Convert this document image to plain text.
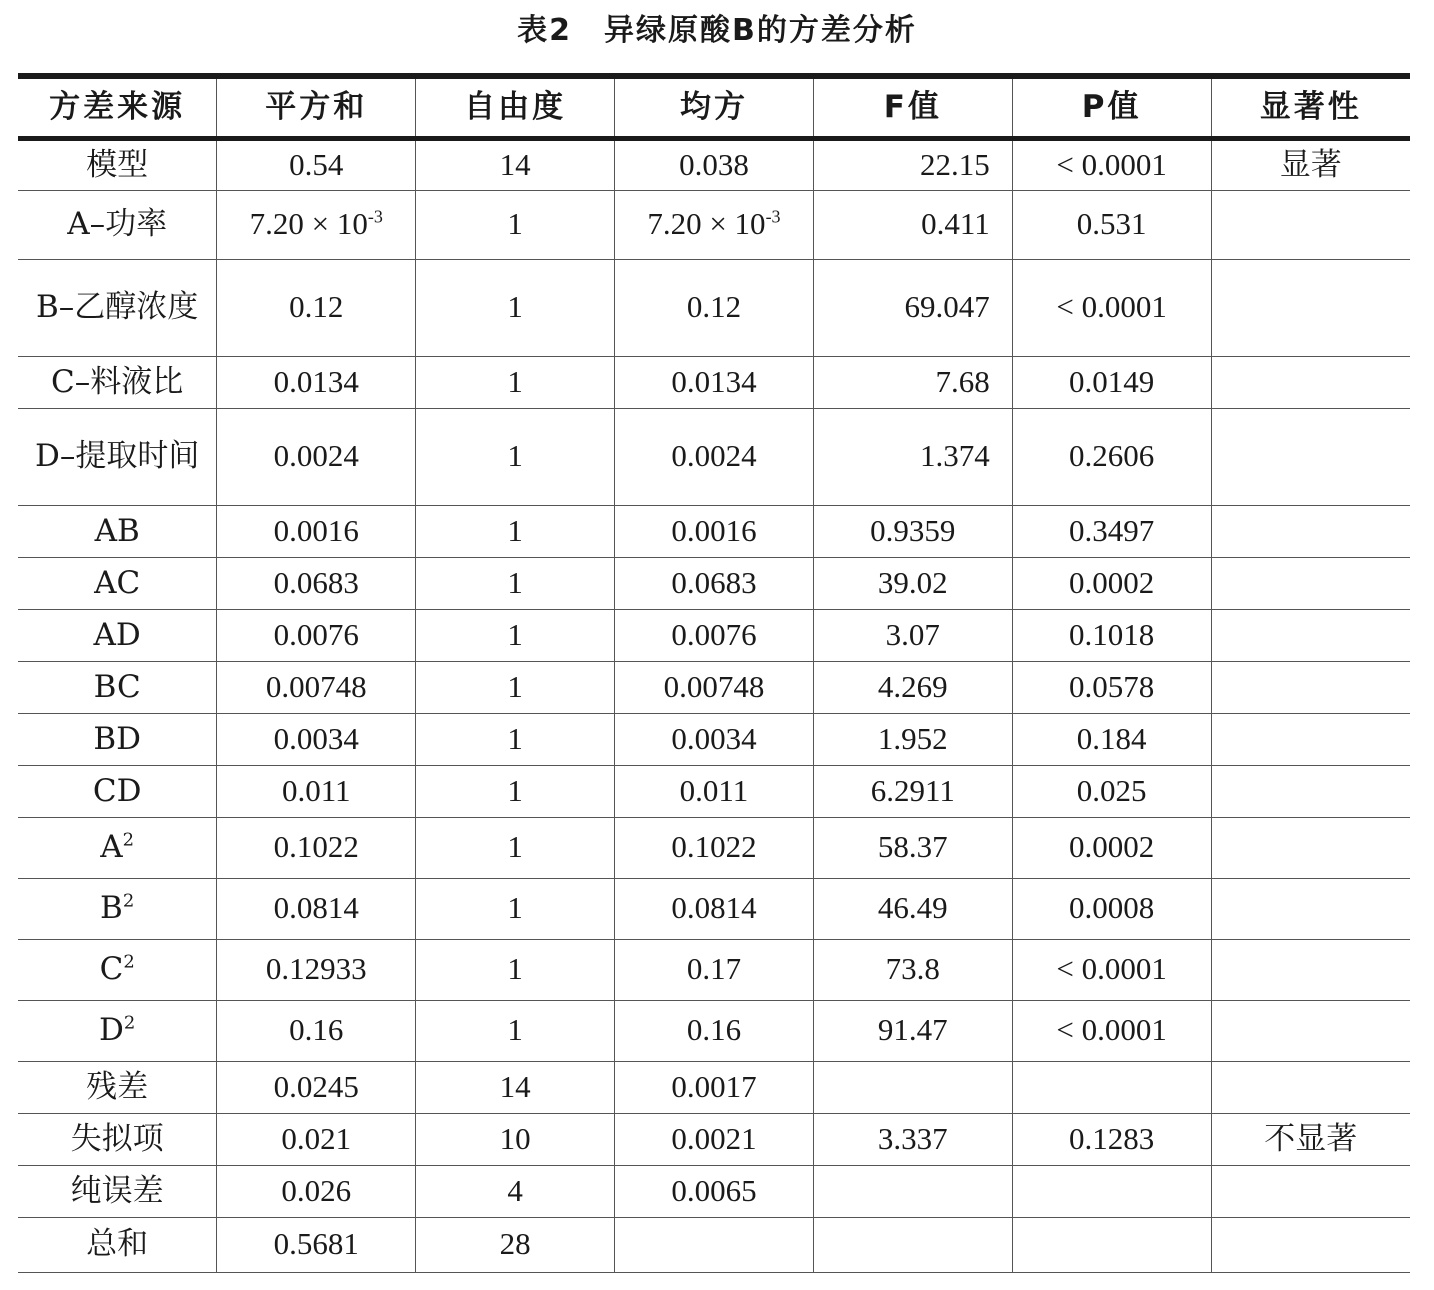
表2　异绿原酸B的方差分析
方差来源	平方和	自由度	均方	F值	P值	显著性
模型	0.54	14	0.038	22.15	< 0.0001	显著
A–功率	$7.20 \times 10^{-3}$	1	$7.20 \times 10^{-3}$	0.411	0.531	
B–乙醇浓度	0.12	1	0.12	69.047	< 0.0001	
C–料液比	0.0134	1	0.0134	7.68	0.0149	
D–提取时间	0.0024	1	0.0024	1.374	0.2606	
AB	0.0016	1	0.0016	0.9359	0.3497	
AC	0.0683	1	0.0683	39.02	0.0002	
AD	0.0076	1	0.0076	3.07	0.1018	
BC	0.00748	1	0.00748	4.269	0.0578	
BD	0.0034	1	0.0034	1.952	0.184	
CD	0.011	1	0.011	6.2911	0.025	
$A^2$	0.1022	1	0.1022	58.37	0.0002	
$B^2$	0.0814	1	0.0814	46.49	0.0008	
$C^2$	0.12933	1	0.17	73.8	< 0.0001	
$D^2$	0.16	1	0.16	91.47	< 0.0001	
残差	0.0245	14	0.0017			
失拟项	0.021	10	0.0021	3.337	0.1283	不显著
纯误差	0.026	4	0.0065			
总和	0.5681	28				
